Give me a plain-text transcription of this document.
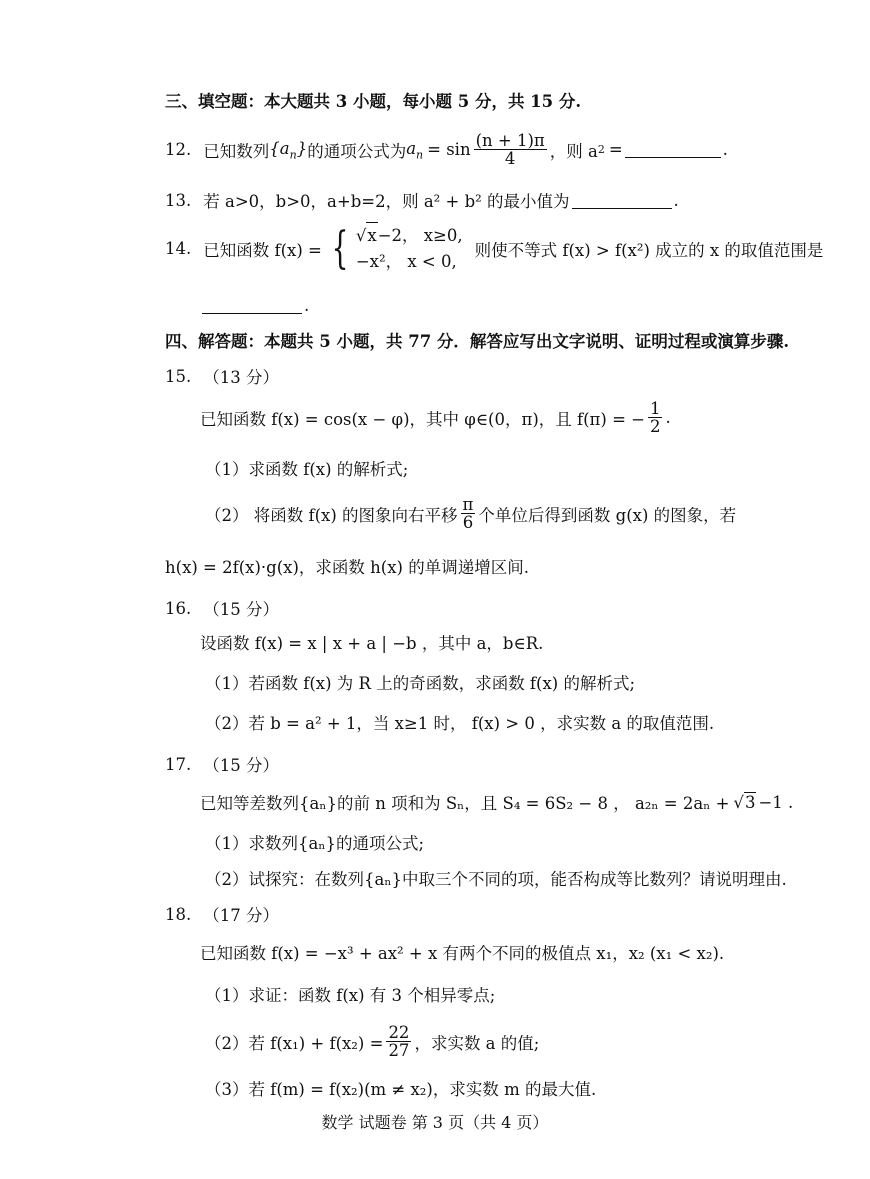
三、填空题：本大题共 3 小题，每小题 5 分，共 15 分.
12. 已知数列 $\{a_n\}$ 的通项公式为 $a_n = \sin \frac{(n + 1)\pi}{4}$ ，则 a 2 =	.
13. 若 a>0，b>0，a+b=2，则 a² + b² 的最小值为	.
14. 已知函数 f(x) = { √ x −2， x≥0,
−x²， x < 0,
则使不等式 f(x) > f(x²) 成立的 x 的取值范围是
.
四、解答题：本题共 5 小题，共 77 分．解答应写出文字说明、证明过程或演算步骤.
15. （13 分）
已知函数 f(x) = cos(x − φ)，其中 φ∈(0，π)，且 f(π) = − $\frac{1}{2}$ .
（1）求函数 f(x) 的解析式;
（2） 将函数 f(x) 的图象向右平移 $\frac{\pi}{6}$ 个单位后得到函数 g(x) 的图象，若
h(x) = 2f(x)·g(x)，求函数 h(x) 的单调递增区间.
16. （15 分）
设函数 f(x) = x | x + a | −b ，其中 a，b∈R.
（1）若函数 f(x) 为 R 上的奇函数，求函数 f(x) 的解析式;
（2）若 b = a² + 1，当 x≥1 时， f(x) > 0 ，求实数 a 的取值范围.
17. （15 分）
已知等差数列{aₙ}的前 n 项和为 Sₙ，且 S₄ = 6S₂ − 8 ， a₂ₙ = 2aₙ + √ 3 −1 .
（1）求数列{aₙ}的通项公式;
（2）试探究：在数列{aₙ}中取三个不同的项，能否构成等比数列？请说明理由.
18. （17 分）
已知函数 f(x) = −x³ + ax² + x 有两个不同的极值点 x₁，x₂ (x₁ < x₂).
（1）求证：函数 f(x) 有 3 个相异零点;
（2）若 $f(x_1) + f(x_2) = \frac{22}{27}$ ，求实数 a 的值;
（3）若 f(m) = f(x₂)(m ≠ x₂)，求实数 m 的最大值.
数学 试题卷 第 3 页（共 4 页）
